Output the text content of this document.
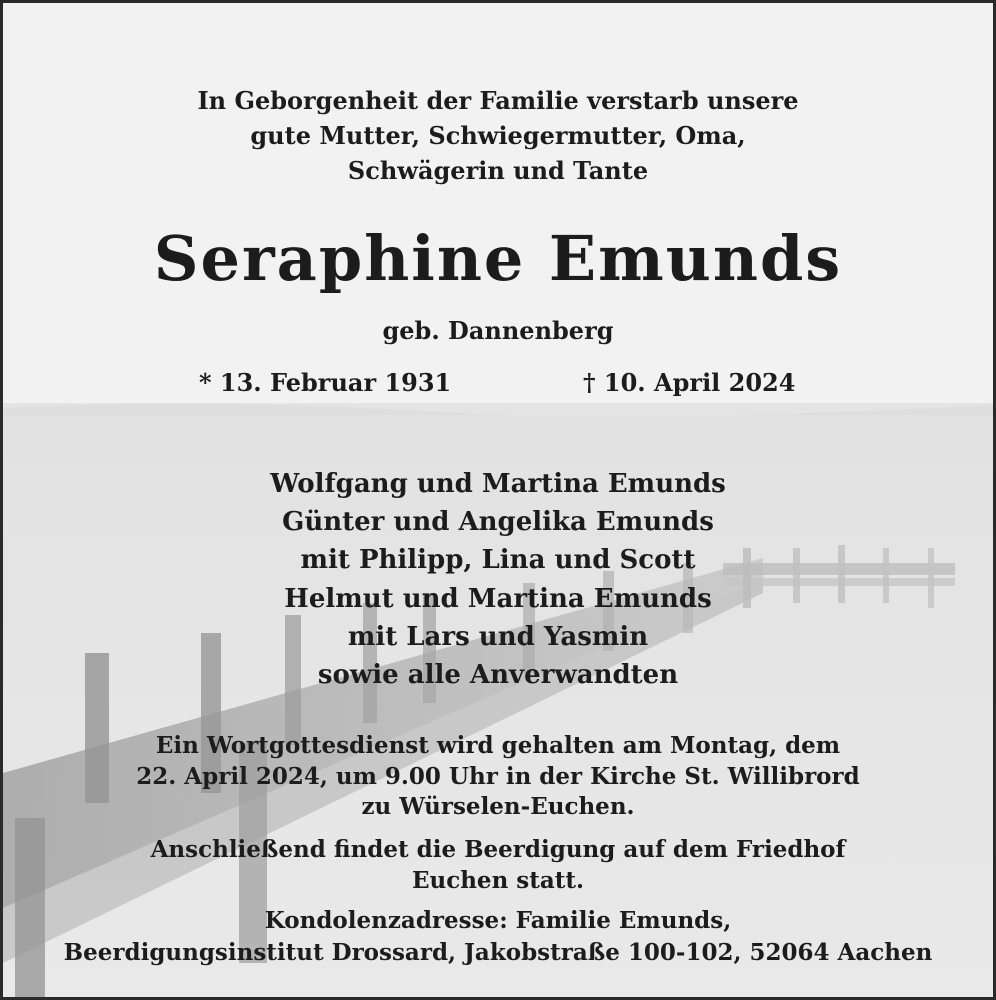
In Geborgenheit der Familie verstarb unsere
gute Mutter, Schwiegermutter, Oma,
Schwägerin und Tante
Seraphine Emunds
geb. Dannenberg
* 13. Februar 1931	† 10. April 2024
Wolfgang und Martina Emunds
Günter und Angelika Emunds
mit Philipp, Lina und Scott
Helmut und Martina Emunds
mit Lars und Yasmin
sowie alle Anverwandten
Ein Wortgottesdienst wird gehalten am Montag, dem
22. April 2024, um 9.00 Uhr in der Kirche St. Willibrord
zu Würselen-Euchen.
Anschließend findet die Beerdigung auf dem Friedhof
Euchen statt.
Kondolenzadresse: Familie Emunds,
Beerdigungsinstitut Drossard, Jakobstraße 100-102, 52064 Aachen
